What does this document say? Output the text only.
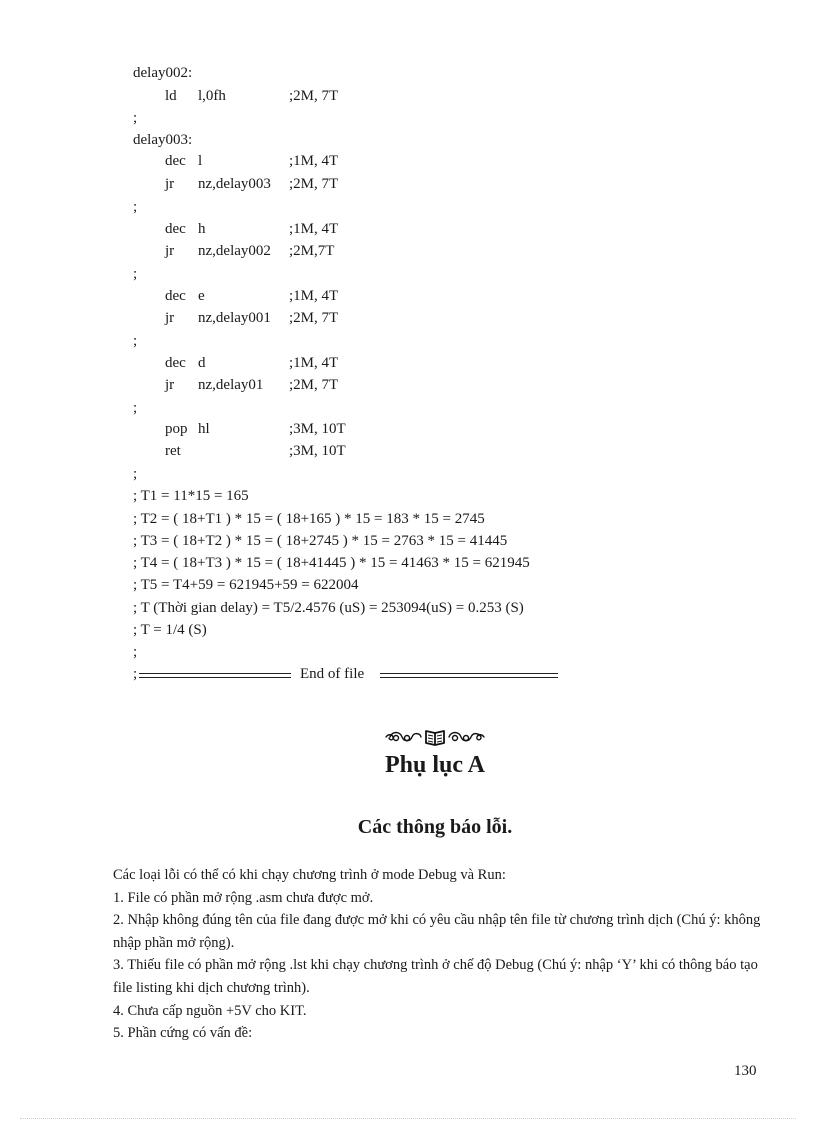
delay002:
ld l,0fh	;2M, 7T
;
delay003:
dec l	;1M, 4T
jr nz,delay003 ;2M, 7T
;
dec h	;1M, 4T
jr nz,delay002 ;2M,7T
;
dec e	;1M, 4T
jr nz,delay001 ;2M, 7T
;
dec d	;1M, 4T
jr nz,delay01 ;2M, 7T
;
pop hl	;3M, 10T
ret	;3M, 10T
;
; T1 = 11*15 = 165
; T2 = ( 18+T1 ) * 15 = ( 18+165 ) * 15 = 183 * 15 = 2745
; T3 = ( 18+T2 ) * 15 = ( 18+2745 ) * 15 = 2763 * 15 = 41445
; T4 = ( 18+T3 ) * 15 = ( 18+41445 ) * 15 = 41463 * 15 = 621945
; T5 = T4+59 = 621945+59 = 622004
; T (Thời gian delay) = T5/2.4576 (uS) = 253094(uS) = 0.253 (S)
; T = 1/4 (S)
;
;	End of file
Phụ lục A
Các thông báo lỗi.

Các loại lỗi có thể có khi chạy chương trình ở mode Debug và Run:

1. File có phần mở rộng .asm chưa được mở.

2. Nhập không đúng tên của file đang được mở khi có yêu cầu nhập tên file từ chương trình dịch (Chú ý: không nhập phần mở rộng).

3. Thiếu file có phần mở rộng .lst khi chạy chương trình ở chế độ Debug (Chú ý: nhập ‘Y’ khi có thông báo tạo file listing khi dịch chương trình).

4. Chưa cấp nguồn +5V cho KIT.

5. Phần cứng có vấn đề:

130
